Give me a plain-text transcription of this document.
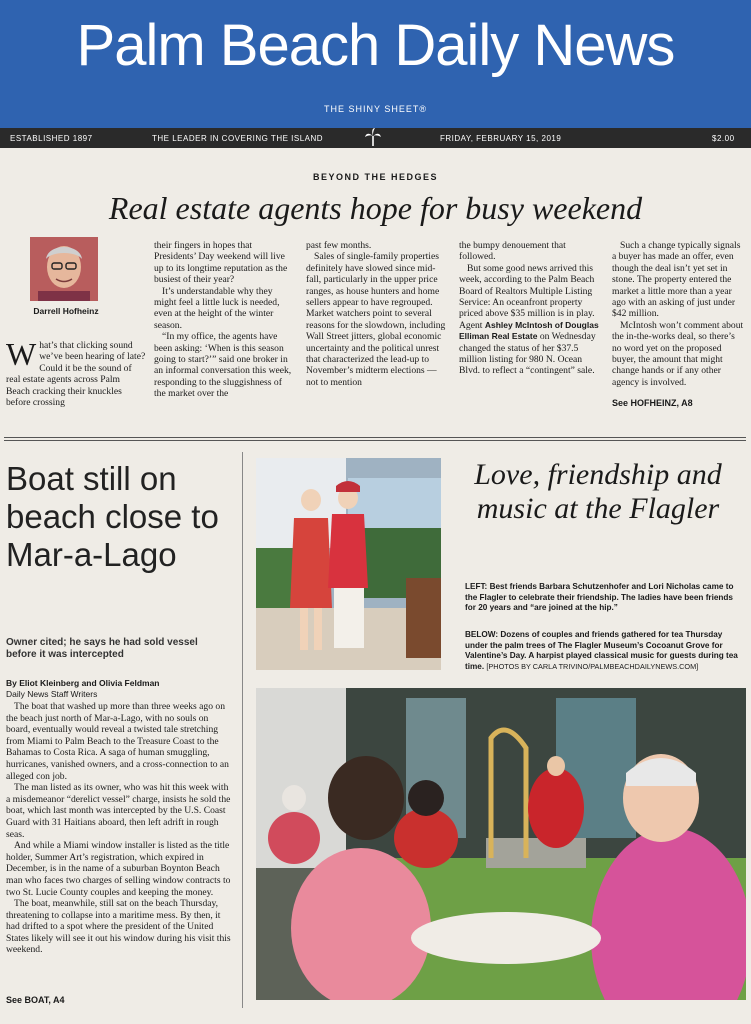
Palm Beach Daily News
THE SHINY SHEET®
ESTABLISHED 1897	THE LEADER IN COVERING THE ISLAND	FRIDAY, FEBRUARY 15, 2019	$2.00
BEYOND THE HEDGES
Real estate agents hope for busy weekend
Darrell Hofheinz

What’s that clicking sound we’ve been hearing of late? Could it be the sound of real estate agents across Palm Beach cracking their knuckles before crossing

their fingers in hopes that Presidents’ Day weekend will live up to its longtime reputation as the busiest of their year?

It’s understandable why they might feel a little luck is needed, even at the height of the winter season.

“In my office, the agents have been asking: ‘When is this season going to start?’” said one broker in an informal conversation this week, responding to the sluggishness of the market over the

past few months.

Sales of single-family properties definitely have slowed since mid-fall, particularly in the upper price ranges, as house hunters and home sellers appear to have regrouped. Market watchers point to several reasons for the slowdown, including Wall Street jitters, global economic uncertainty and the political unrest that characterized the lead-up to November’s midterm elections — not to mention

the bumpy denouement that followed.

But some good news arrived this week, according to the Palm Beach Board of Realtors Multiple Listing Service: An oceanfront property priced above $35 million is in play. Agent Ashley McIntosh of Douglas Elliman Real Estate on Wednesday changed the status of her $37.5 million listing for 980 N. Ocean Blvd. to reflect a “contingent” sale.

Such a change typically signals a buyer has made an offer, even though the deal isn’t yet set in stone. The property entered the market a little more than a year ago with an asking of just under $42 million.

McIntosh won’t comment about the in-the-works deal, so there’s no word yet on the proposed buyer, the amount that might change hands or if any other agency is involved.

See HOFHEINZ, A8

Boat still on beach close to Mar-a-Lago
Owner cited; he says he had sold vessel before it was intercepted
By Eliot Kleinberg and Olivia Feldman
Daily News Staff Writers

The boat that washed up more than three weeks ago on the beach just north of Mar-a-Lago, with no souls on board, eventually would reveal a twisted tale stretching from Miami to Palm Beach to the Treasure Coast to the Bahamas to Costa Rica. A saga of human smuggling, hurricanes, vanished owners, and a cross-connection to an alleged con job.

The man listed as its owner, who was hit this week with a misdemeanor “derelict vessel” charge, insists he sold the boat, which last month was intercepted by the U.S. Coast Guard with 31 Haitians aboard, then left adrift in rough seas.

And while a Miami window installer is listed as the title holder, Summer Art’s registration, which expired in December, is in the name of a suburban Boynton Beach man who faces two charges of selling window contracts to two St. Lucie County couples and keeping the money.

The boat, meanwhile, still sat on the beach Thursday, threatening to collapse into a maritime mess. By then, it had drifted to a spot where the president of the United States likely will see it out his window during his visit this weekend.

See BOAT, A4
Love, friendship and music at the Flagler
LEFT: Best friends Barbara Schutzenhofer and Lori Nicholas came to the Flagler to celebrate their friendship. The ladies have been friends for 20 years and “are joined at the hip.”
BELOW: Dozens of couples and friends gathered for tea Thursday under the palm trees of The Flagler Museum’s Cocoanut Grove for Valentine’s Day. A harpist played classical music for guests during tea time. [PHOTOS BY CARLA TRIVINO/PALMBEACHDAILYNEWS.COM]
